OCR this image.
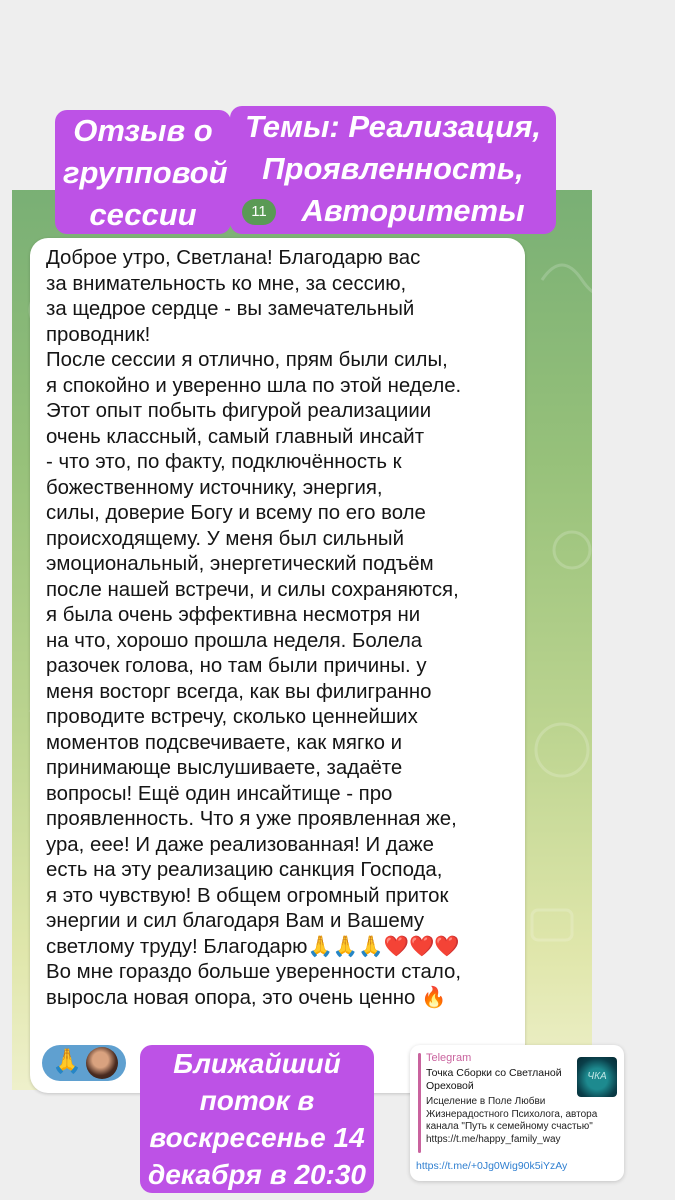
Отзыв о
групповой
сессии
Темы: Реализация,
Проявленность,
Авторитеты
11

Доброе утро, Светлана! Благодарю вас

за внимательность ко мне, за сессию,

за щедрое сердце - вы замечательный

проводник!

После сессии я отлично, прям были силы,

я спокойно и уверенно шла по этой неделе.

Этот опыт побыть фигурой реализациии

очень классный, самый главный инсайт

- что это, по факту, подключённость к

божественному источнику, энергия,

силы, доверие Богу и всему по его воле

происходящему. У меня был сильный

эмоциональный, энергетический подъём

после нашей встречи, и силы сохраняются,

я была очень эффективна несмотря ни

на что, хорошо прошла неделя. Болела

разочек голова, но там были причины. у

меня восторг всегда, как вы филигранно

проводите встречу, сколько ценнейших

моментов подсвечиваете, как мягко и

принимающе выслушиваете, задаёте

вопросы! Ещё один инсайтище - про

проявленность. Что я уже проявленная же,

ура, еее! И даже реализованная! И даже

есть на эту реализацию санкция Господа,

я это чувствую! В общем огромный приток

энергии и сил благодаря Вам и Вашему

светлому труду! Благодарю🙏🙏🙏❤️❤️❤️

Во мне гораздо больше уверенности стало,

выросла новая опора, это очень ценно 🔥

🙏	Ближайший
поток в
воскресенье 14
декабря в 20:30
Telegram
Точка Сборки со Светланой Ореховой
Исцеление в Поле Любви Жизнерадостного Психолога, автора канала "Путь к семейному счастью" https://t.me/happy_family_way
ЧКА
https://t.me/+0Jg0Wig90k5iYzAy
